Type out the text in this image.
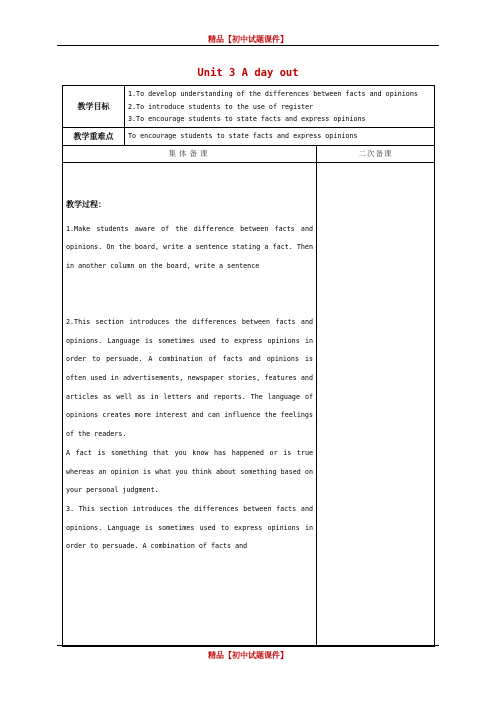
精品【初中试题课件】
Unit 3 A day out
教学目标	1.To develop understanding of the differences between facts and opinions
2.To introduce students to the use of register
3.To encourage students to state facts and express opinions	

教学重难点	To encourage students to state facts and express opinions	
集体备课		二次备课

教学过程：

1.Make students aware of the difference between facts and opinions. On the board, write a sentence stating a fact. Then in another column on the board, write a sentence

2.This section introduces the differences between facts and opinions. Language is sometimes used to express opinions in order to persuade. A combination of facts and opinions is often used in advertisements, newspaper stories, features and articles as well as in letters and reports. The language of opinions creates more interest and can influence the feelings of the readers.

A fact is something that you know has happened or is true whereas an opinion is what you think about something based on your personal judgment.

3. This section introduces the differences between facts and opinions. Language is sometimes used to express opinions in order to persuade. A combination of facts and		

精品【初中试题课件】
